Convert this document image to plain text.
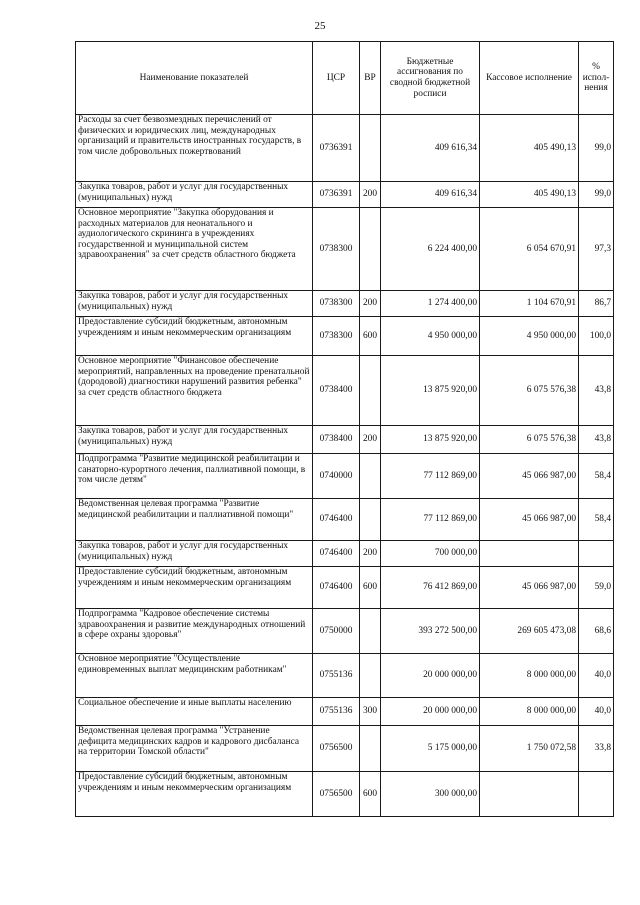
25
Наименование показателей	ЦСР	ВР	Бюджетные ассигнования по сводной бюджетной росписи	Кассовое исполнение	% испол-нения
Расходы за счет безвозмездных перечислений от физических и юридических лиц, международных организаций и правительств иностранных государств, в том числе добровольных пожертвований	0736391		409 616,34	405 490,13	99,0
Закупка товаров, работ и услуг для государственных (муниципальных) нужд	0736391	200	409 616,34	405 490,13	99,0
Основное мероприятие "Закупка оборудования и расходных материалов для неонатального и аудиологического скрининга в учреждениях государственной и муниципальной систем здравоохранения" за счет средств областного бюджета	0738300		6 224 400,00	6 054 670,91	97,3
Закупка товаров, работ и услуг для государственных (муниципальных) нужд	0738300	200	1 274 400,00	1 104 670,91	86,7
Предоставление субсидий бюджетным, автономным учреждениям и иным некоммерческим организациям	0738300	600	4 950 000,00	4 950 000,00	100,0
Основное мероприятие "Финансовое обеспечение мероприятий, направленных на проведение пренатальной (дородовой) диагностики нарушений развития ребенка" за счет средств областного бюджета	0738400		13 875 920,00	6 075 576,38	43,8
Закупка товаров, работ и услуг для государственных (муниципальных) нужд	0738400	200	13 875 920,00	6 075 576,38	43,8
Подпрограмма "Развитие медицинской реабилитации и санаторно-курортного лечения, паллиативной помощи, в том числе детям"	0740000		77 112 869,00	45 066 987,00	58,4
Ведомственная целевая программа "Развитие медицинской реабилитации и паллиативной помощи"	0746400		77 112 869,00	45 066 987,00	58,4
Закупка товаров, работ и услуг для государственных (муниципальных) нужд	0746400	200	700 000,00		
Предоставление субсидий бюджетным, автономным учреждениям и иным некоммерческим организациям	0746400	600	76 412 869,00	45 066 987,00	59,0
Подпрограмма "Кадровое обеспечение системы здравоохранения и развитие международных отношений в сфере охраны здоровья"	0750000		393 272 500,00	269 605 473,08	68,6
Основное мероприятие "Осуществление единовременных выплат медицинским работникам"	0755136		20 000 000,00	8 000 000,00	40,0
Социальное обеспечение и иные выплаты населению	0755136	300	20 000 000,00	8 000 000,00	40,0
Ведомственная целевая программа "Устранение дефицита медицинских кадров и кадрового дисбаланса на территории Томской области"	0756500		5 175 000,00	1 750 072,58	33,8
Предоставление субсидий бюджетным, автономным учреждениям и иным некоммерческим организациям	0756500	600	300 000,00		
